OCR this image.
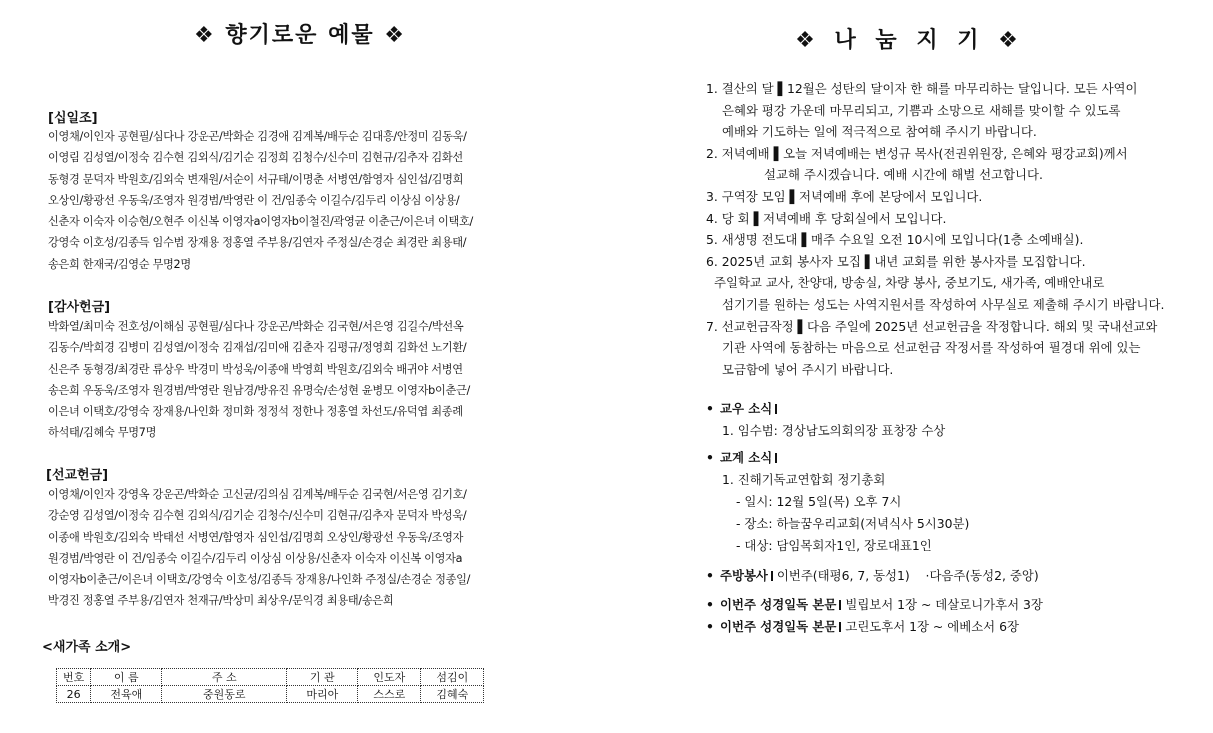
❖ 향기로운 예물 ❖
[십일조]
이영채/이인자 공현필/심다나 강운곤/박화순 김경애 김계복/배두순 김대흥/안정미 김동욱/
이영림 김성열/이정숙 김수현 김외식/김기순 김정희 김청수/신수미 김현규/김추자 김화선
동형경 문덕자 박원호/김외숙 변재원/서순이 서규태/이명춘 서병연/함영자 심인섭/김명희
오상인/황광선 우동욱/조영자 원경범/박영란 이 건/임종숙 이길수/김두리 이상심 이상용/
신춘자 이숙자 이승현/오현주 이신복 이영자a이영자b이철진/곽영균 이춘근/이은녀 이택호/
강영숙 이호성/김종득 임수범 장재용 정홍열 주부용/김연자 주정실/손경순 최경란 최용태/
송은희 한재국/김영순 무명2명
[감사헌금]
박화열/최미숙 전호성/이해심 공현필/심다나 강운곤/박화순 김국현/서은영 김길수/박선옥
김동수/박희경 김병미 김성열/이정숙 김재섭/김미애 김춘자 김평규/정영희 김화선 노기환/
신은주 동형경/최경란 류상우 박경미 박성욱/이종애 박영희 박원호/김외숙 배귀야 서병연
송은희 우동욱/조영자 원경범/박영란 원남경/방유진 유명숙/손성현 윤병모 이영자b이춘근/
이은녀 이택호/강영숙 장재용/나인화 정미화 정정석 정한나 정홍열 차선도/유덕엽 최종례
하석태/김혜숙 무명7명
[선교헌금]
이영채/이인자 강영옥 강운곤/박화순 고신균/김의심 김계복/배두순 김국현/서은영 김기호/
강순영 김성열/이정숙 김수현 김외식/김기순 김청수/신수미 김현규/김추자 문덕자 박성욱/
이종애 박원호/김외숙 박태선 서병연/함영자 심인섭/김명희 오상인/황광선 우동욱/조영자
원경범/박영란 이 건/임종숙 이길수/김두리 이상심 이상용/신춘자 이숙자 이신복 이영자a
이영자b이춘근/이은녀 이택호/강영숙 이호성/김종득 장재용/나인화 주정실/손경순 정종일/
박경진 정홍열 주부용/김연자 천재규/박상미 최상우/문익경 최용태/송은희
<새가족 소개>
번호	이 름	주 소	기 관	인도자	섬김이
26	전육애	중원동로	마리아	스스로	김혜숙
❖ 나 눔 지 기 ❖
1. 결산의 달 ▌12월은 성탄의 달이자 한 해를 마무리하는 달입니다. 모든 사역이
은혜와 평강 가운데 마무리되고, 기쁨과 소망으로 새해를 맞이할 수 있도록
예배와 기도하는 일에 적극적으로 참여해 주시기 바랍니다.
2. 저녁예배 ▌오늘 저녁예배는 변성규 목사(전권위원장, 은혜와 평강교회)께서
설교해 주시겠습니다. 예배 시간에 해벌 선고합니다.
3. 구역장 모임 ▌저녁예배 후에 본당에서 모입니다.
4. 당 회 ▌저녁예배 후 당회실에서 모입니다.
5. 새생명 전도대 ▌매주 수요일 오전 10시에 모입니다(1층 소예배실).
6. 2025년 교회 봉사자 모집 ▌내년 교회를 위한 봉사자를 모집합니다.
주일학교 교사, 찬양대, 방송실, 차량 봉사, 중보기도, 새가족, 예배안내로
섬기기를 원하는 성도는 사역지원서를 작성하여 사무실로 제출해 주시기 바랍니다.
7. 선교헌금작정 ▌다음 주일에 2025년 선교헌금을 작정합니다. 해외 및 국내선교와
기관 사역에 동참하는 마음으로 선교헌금 작정서를 작성하여 필경대 위에 있는
모금함에 넣어 주시기 바랍니다.
• 교우 소식
1. 임수범: 경상남도의회의장 표창장 수상
• 교계 소식
1. 진해기독교연합회 정기총회
- 일시: 12월 5일(목) 오후 7시
- 장소: 하늘꿈우리교회(저녁식사 5시30분)
- 대상: 담임목회자1인, 장로대표1인
• 주방봉사 이번주(태평6, 7, 동성1)    ·다음주(동성2, 중앙)
• 이번주 성경일독 본문 빌립보서 1장 ~ 데살로니가후서 3장
• 이번주 성경일독 본문 고린도후서 1장 ~ 에베소서 6장
